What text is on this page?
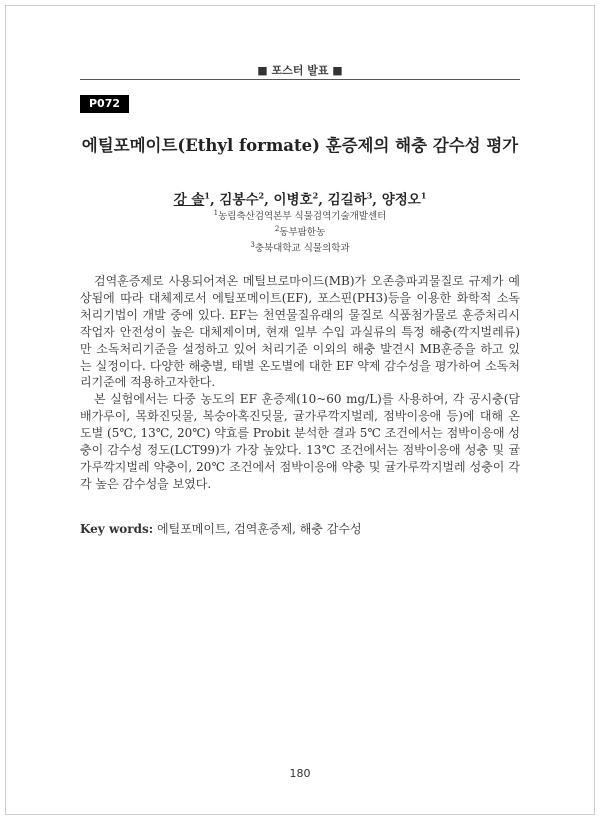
■ 포스터 발표 ■
P072
에틸포메이트(Ethyl formate) 훈증제의 해충 감수성 평가
강 솔$^1$, 김봉수$^2$, 이병호$^2$, 김길하$^3$, 양정오$^1$
$^1$농림축산검역본부 식물검역기술개발센터
$^2$동부팜한농
$^3$충북대학교 식물의학과

검역훈증제로 사용되어져온 메틸브로마이드(MB)가 오존층파괴물질로 규제가 예상됨에 따라 대체제로서 에틸포메이트(EF), 포스핀(PH3)등을 이용한 화학적 소독처리기법이 개발 중에 있다. EF는 천연물질유래의 물질로 식품첨가물로 훈증처리시 작업자 안전성이 높은 대체제이며, 현재 일부 수입 과실류의 특정 해충(깍지벌레류)만 소독처리기준을 설정하고 있어 처리기준 이외의 해충 발견시 MB훈증을 하고 있는 실정이다. 다양한 해충별, 태별 온도별에 대한 EF 약제 감수성을 평가하여 소독처리기준에 적용하고자한다.

본 실험에서는 다중 농도의 EF 훈증제(10~60 mg/L)를 사용하여, 각 공시충(담배가루이, 목화진딧물, 복숭아혹진딧물, 귤가루깍지벌레, 점박이응애 등)에 대해 온도별 (5℃, 13℃, 20℃) 약효를 Probit 분석한 결과 5℃ 조건에서는 점박이응애 성충이 감수성 정도(LCT99)가 가장 높았다. 13℃ 조건에서는 점박이응애 성충 및 귤가루깍지벌레 약충이, 20℃ 조건에서 점박이응애 약충 및 귤가루깍지벌레 성충이 각각 높은 감수성을 보였다.

Key words: 에틸포메이트, 검역훈증제, 해충 감수성
180
